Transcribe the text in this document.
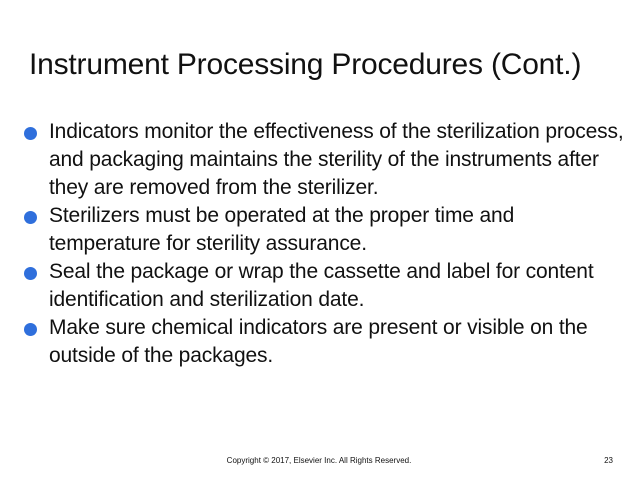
Instrument Processing Procedures (Cont.)
Indicators monitor the effectiveness of the sterilization process, and packaging maintains the sterility of the instruments after they are removed from the sterilizer.
Sterilizers must be operated at the proper time and temperature for sterility assurance.
Seal the package or wrap the cassette and label for content identification and sterilization date.
Make sure chemical indicators are present or visible on the outside of the packages.
Copyright © 2017, Elsevier Inc. All Rights Reserved.	23
